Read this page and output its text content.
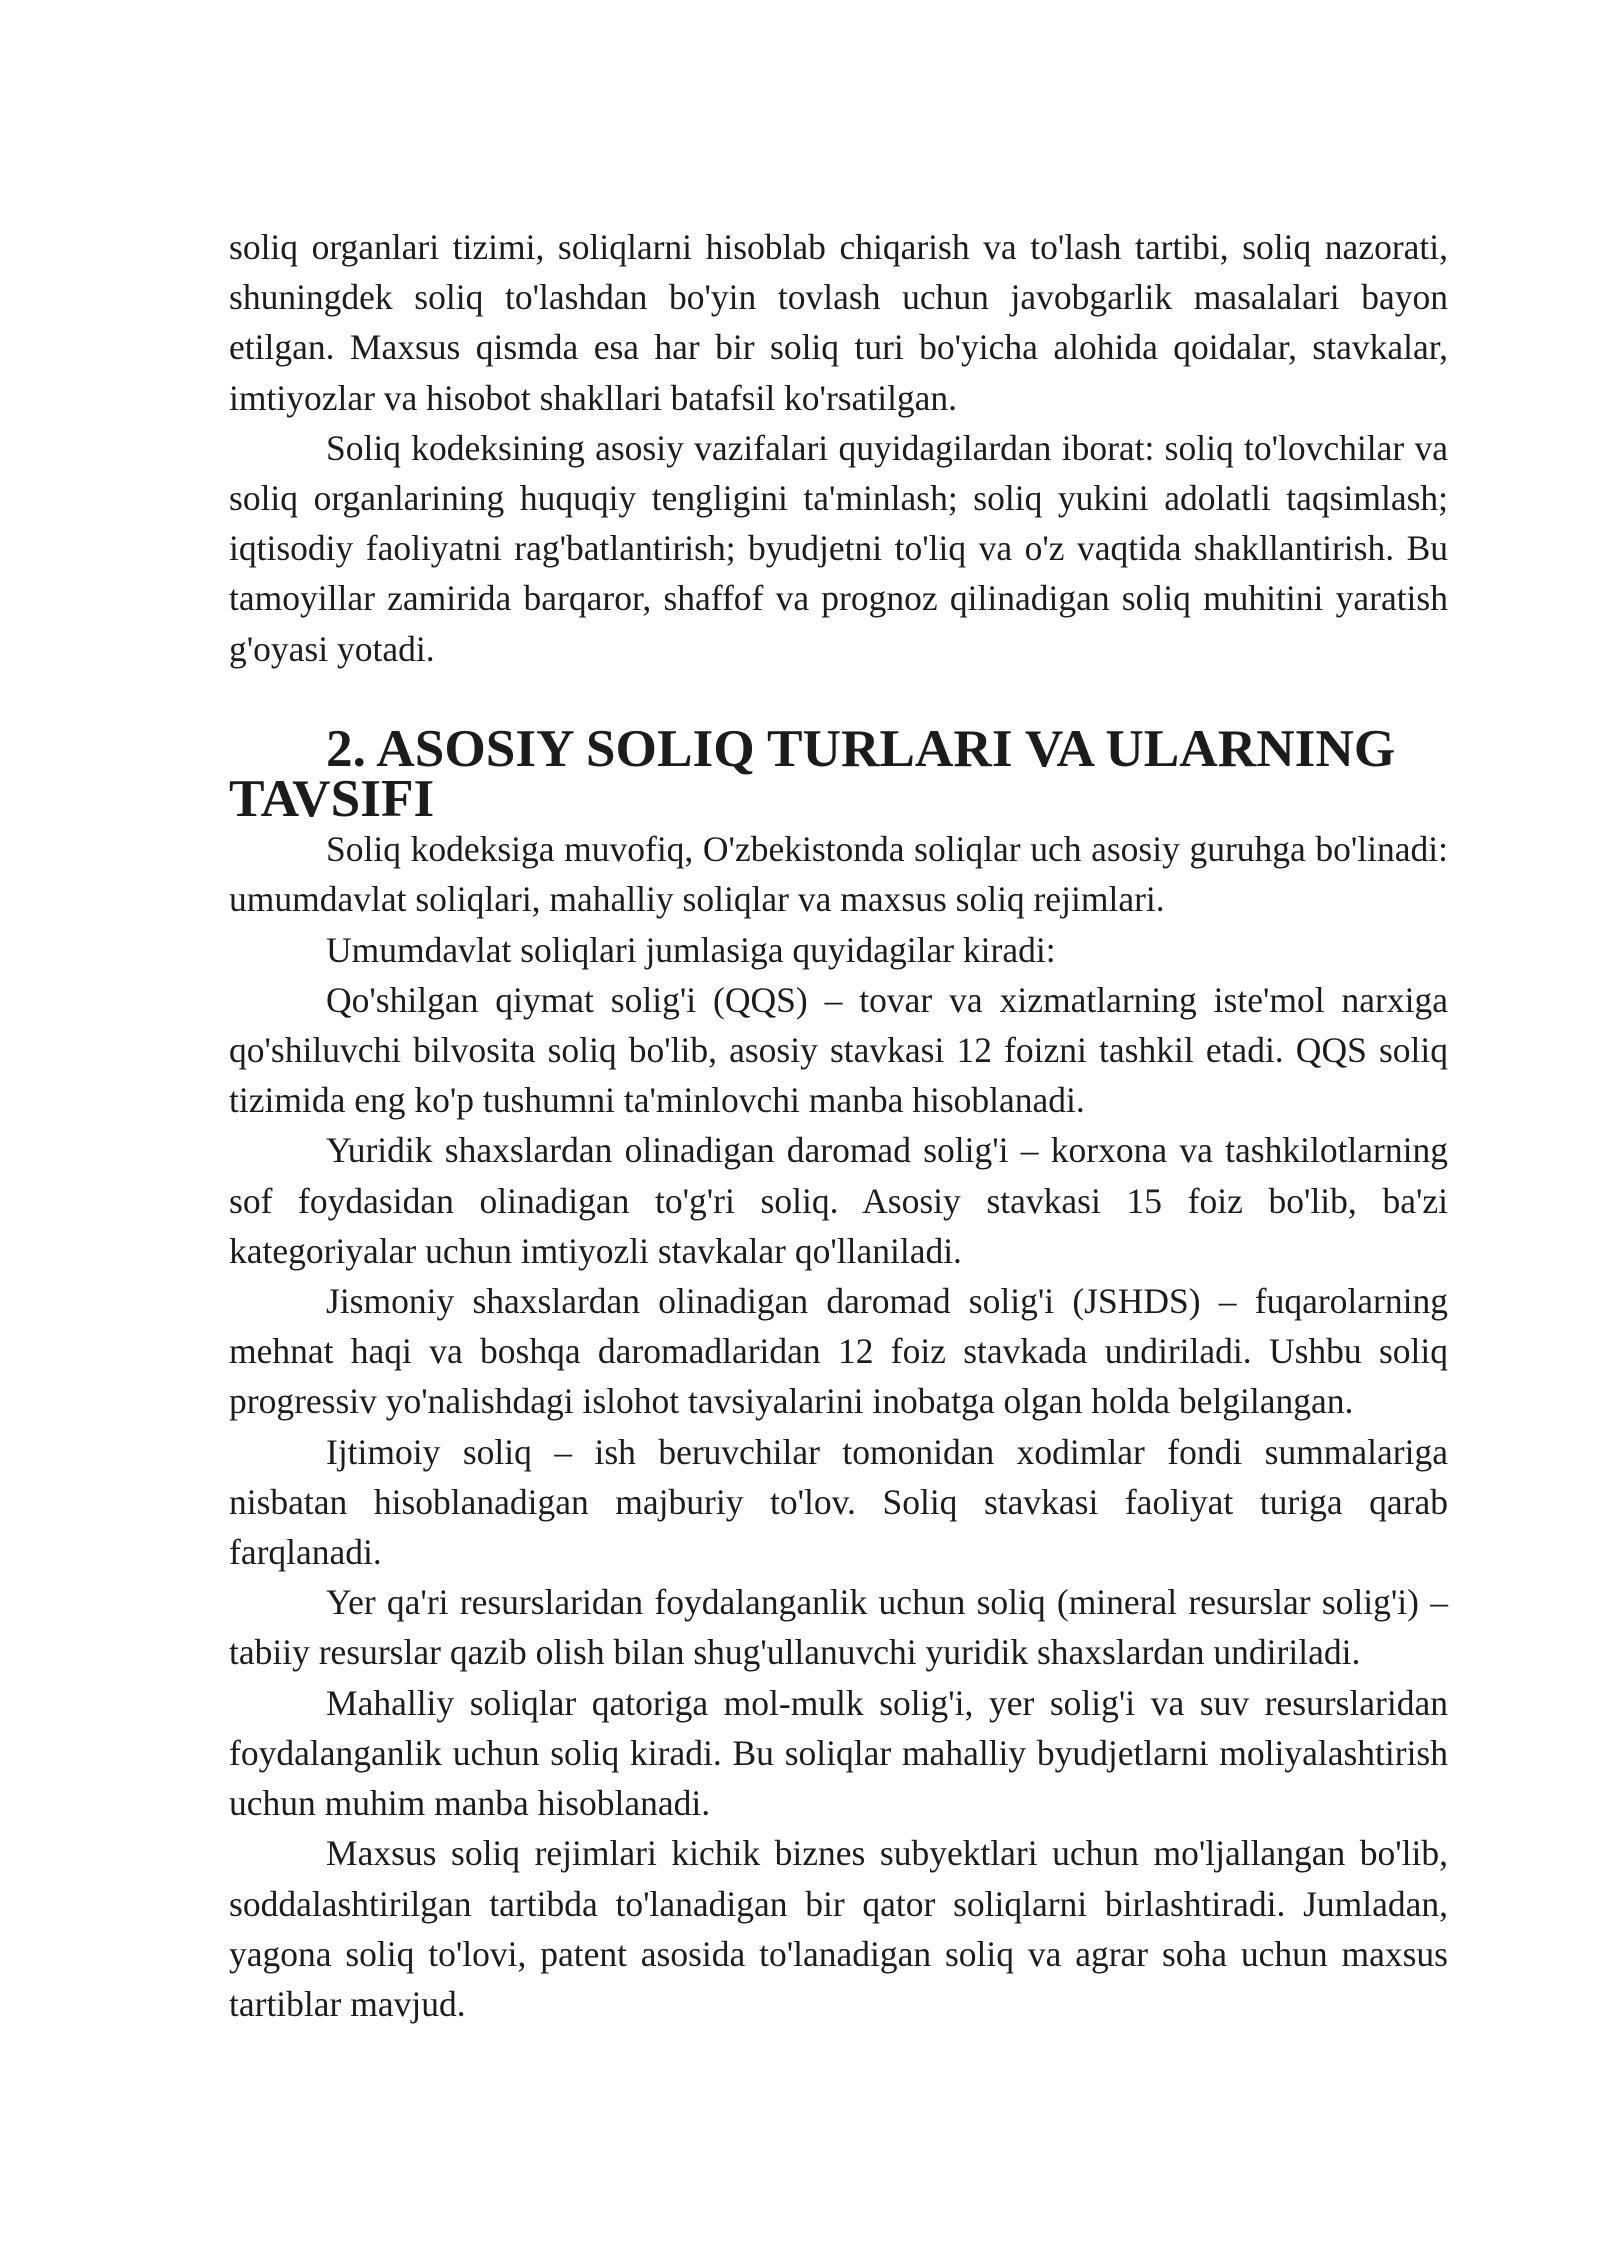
soliq organlari tizimi, soliqlarni hisoblab chiqarish va to'lash tartibi, soliq nazorati, shuningdek soliq to'lashdan bo'yin tovlash uchun javobgarlik masalalari bayon etilgan. Maxsus qismda esa har bir soliq turi bo'yicha alohida qoidalar, stavkalar, imtiyozlar va hisobot shakllari batafsil ko'rsatilgan.

Soliq kodeksining asosiy vazifalari quyidagilardan iborat: soliq to'lovchilar va soliq organlarining huquqiy tengligini ta'minlash; soliq yukini adolatli taqsimlash; iqtisodiy faoliyatni rag'batlantirish; byudjetni to'liq va o'z vaqtida shakllantirish. Bu tamoyillar zamirida barqaror, shaffof va prognoz qilinadigan soliq muhitini yaratish g'oyasi yotadi.

2. ASOSIY SOLIQ TURLARI VA ULARNING TAVSIFI

Soliq kodeksiga muvofiq, O'zbekistonda soliqlar uch asosiy guruhga bo'linadi: umumdavlat soliqlari, mahalliy soliqlar va maxsus soliq rejimlari.

Umumdavlat soliqlari jumlasiga quyidagilar kiradi:

Qo'shilgan qiymat solig'i (QQS) – tovar va xizmatlarning iste'mol narxiga qo'shiluvchi bilvosita soliq bo'lib, asosiy stavkasi 12 foizni tashkil etadi. QQS soliq tizimida eng ko'p tushumni ta'minlovchi manba hisoblanadi.

Yuridik shaxslardan olinadigan daromad solig'i – korxona va tashkilotlarning sof foydasidan olinadigan to'g'ri soliq. Asosiy stavkasi 15 foiz bo'lib, ba'zi kategoriyalar uchun imtiyozli stavkalar qo'llaniladi.

Jismoniy shaxslardan olinadigan daromad solig'i (JSHDS) – fuqarolarning mehnat haqi va boshqa daromadlaridan 12 foiz stavkada undiriladi. Ushbu soliq progressiv yo'nalishdagi islohot tavsiyalarini inobatga olgan holda belgilangan.

Ijtimoiy soliq – ish beruvchilar tomonidan xodimlar fondi summalariga nisbatan hisoblanadigan majburiy to'lov. Soliq stavkasi faoliyat turiga qarab farqlanadi.

Yer qa'ri resurslaridan foydalanganlik uchun soliq (mineral resurslar solig'i) – tabiiy resurslar qazib olish bilan shug'ullanuvchi yuridik shaxslardan undiriladi.

Mahalliy soliqlar qatoriga mol-mulk solig'i, yer solig'i va suv resurslaridan foydalanganlik uchun soliq kiradi. Bu soliqlar mahalliy byudjetlarni moliyalashtirish uchun muhim manba hisoblanadi.

Maxsus soliq rejimlari kichik biznes subyektlari uchun mo'ljallangan bo'lib, soddalashtirilgan tartibda to'lanadigan bir qator soliqlarni birlashtiradi. Jumladan, yagona soliq to'lovi, patent asosida to'lanadigan soliq va agrar soha uchun maxsus tartiblar mavjud.
